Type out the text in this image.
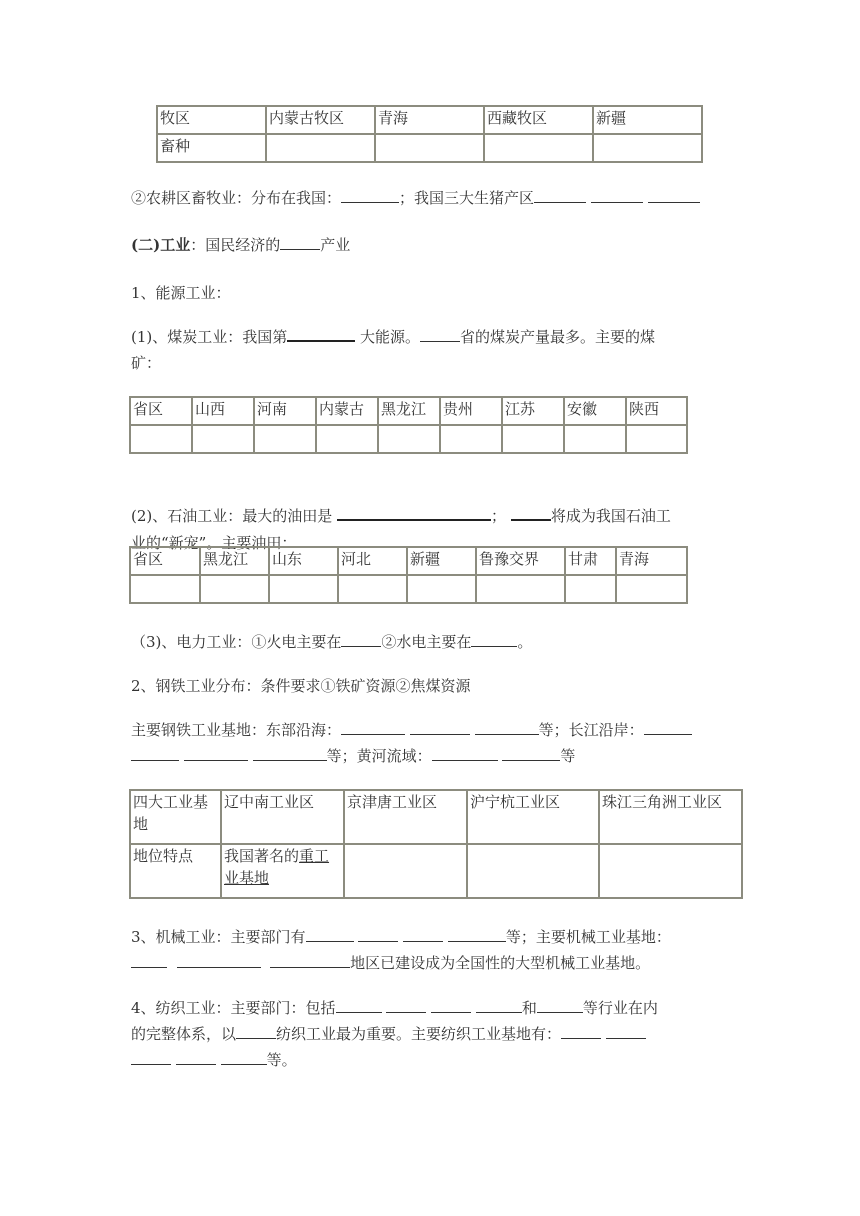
牧区	内蒙古牧区	青海	西藏牧区	新疆
畜种				
②农耕区畜牧业：分布在我国：	；我国三大生猪产区
(二)工业：国民经济的	产业
1、能源工业：
(1)、煤炭工业：我国第	大能源。	省的煤炭产量最多。主要的煤
矿：
省区	山西	河南	内蒙古	黑龙江	贵州	江苏	安徽	陕西

(2)、石油工业：最大的油田是	；	将成为我国石油工
业的“新宠”。主要油田：
省区	黑龙江	山东	河北	新疆	鲁豫交界	甘肃	青海

（3)、电力工业：①火电主要在	②水电主要在	。
2、钢铁工业分布：条件要求①铁矿资源②焦煤资源
主要钢铁工业基地：东部沿海：	等；长江沿岸：
等；黄河流域：	等
四大工业基地	辽中南工业区	京津唐工业区	沪宁杭工业区	珠江三角洲工业区
地位特点	我国著名的重工业基地			
3、机械工业：主要部门有	等；主要机械工业基地：
地区已建设成为全国性的大型机械工业基地。
4、纺织工业：主要部门：包括	和	等行业在内
的完整体系，以	纺织工业最为重要。主要纺织工业基地有：
等。
